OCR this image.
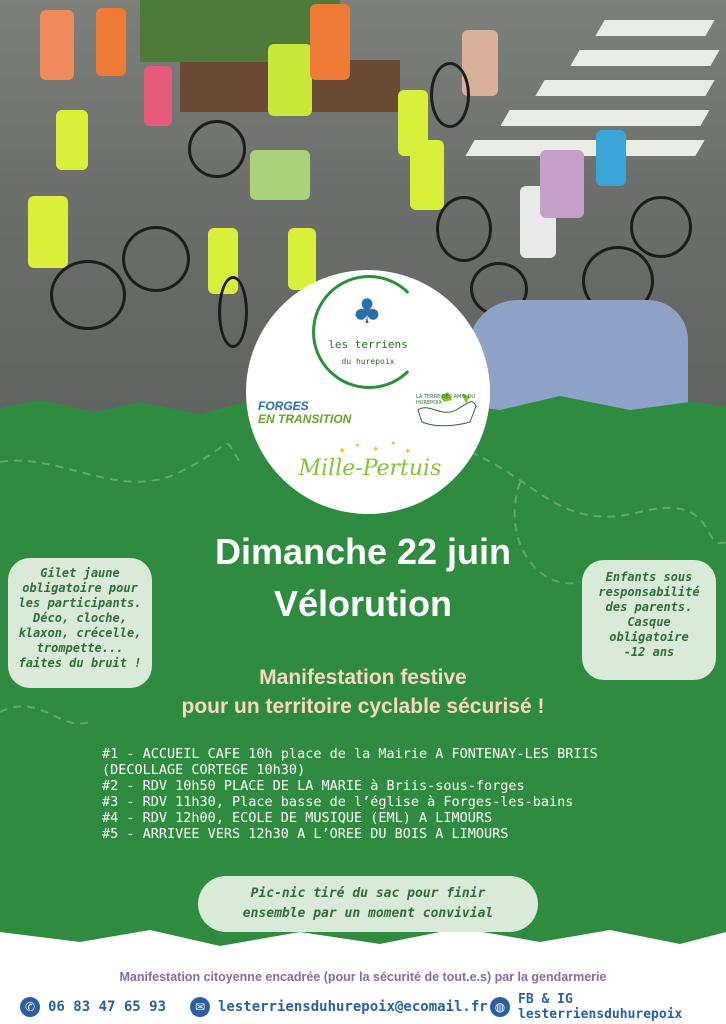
♣
les terriens
du hurepoix
FORGES
EN TRANSITION
LA TERRE DES AMIS DU HUREPOIX
✦
✦ ✦
✦
✦
Mille-Pertuis
Dimanche 22 juin
Vélorution
Manifestation festive
pour un territoire cyclable sécurisé !
Gilet jaune
obligatoire pour
les participants.
Déco, cloche,
klaxon, crécelle,
trompette...
faites du bruit !
Enfants sous
responsabilité
des parents.
Casque
obligatoire
-12 ans
#1 - ACCUEIL CAFE 10h place de la Mairie A FONTENAY-LES BRIIS
(DECOLLAGE CORTEGE 10h30)
#2 - RDV 10h50 PLACE DE LA MARIE à Briis-sous-forges
#3 - RDV 11h30, Place basse de l’église à Forges-les-bains
#4 - RDV 12h00, ECOLE DE MUSIQUE (EML) A LIMOURS
#5 - ARRIVEE VERS 12h30 A L’OREE DU BOIS A LIMOURS
Pic-nic tiré du sac pour finir
ensemble par un moment convivial
Manifestation citoyenne encadrée (pour la sécurité de tout.e.s) par la gendarmerie
✆ 06 83 47 65 93	✉ lesterriensduhurepoix@ecomail.fr ◍ FB & IG
lesterriensduhurepoix
